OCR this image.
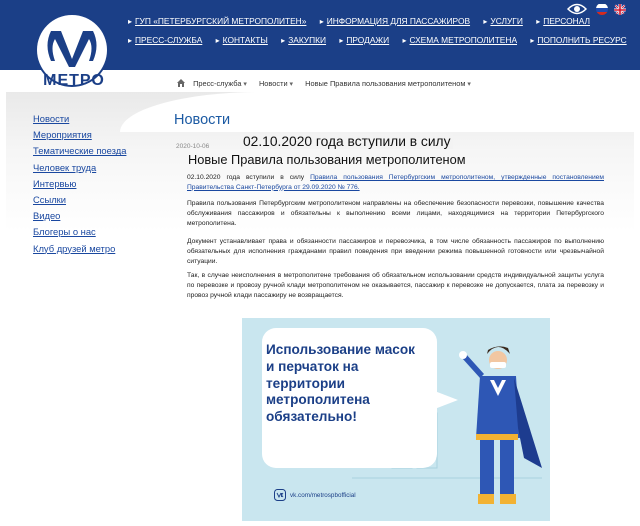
МЕТРО
▸ ГУП «ПЕТЕРБУРГСКИЙ МЕТРОПОЛИТЕН» ▸ ИНФОРМАЦИЯ ДЛЯ ПАССАЖИРОВ ▸ УСЛУГИ ▸ ПЕРСОНАЛ
▸ ПРЕСС-СЛУЖБА ▸ КОНТАКТЫ ▸ ЗАКУПКИ ▸ ПРОДАЖИ ▸ СХЕМА МЕТРОПОЛИТЕНА ▸ ПОПОЛНИТЬ РЕСУРС
Пресс-служба ▾ Новости ▾ Новые Правила пользования метрополитеном ▾
Новости
Мероприятия
Тематические поезда
Человек труда
Интервью
Ссылки
Видео
Блогеры о нас
Клуб друзей метро
Новости
2020-10-06 02.10.2020 года вступили в силу
Новые Правила пользования метрополитеном

02.10.2020 года вступили в силу Правила пользования Петербургским метрополитеном, утвержденные постановлением Правительства Санкт-Петербурга от 29.09.2020 № 776.

Правила пользования Петербургским метрополитеном направлены на обеспечение безопасности перевозки, повышение качества обслуживания пассажиров и обязательны к выполнению всеми лицами, находящимися на территории Петербургского метрополитена.

Документ устанавливает права и обязанности пассажиров и перевозчика, в том числе обязанность пассажиров по выполнению обязательных для исполнения гражданами правил поведения при введении режима повышенной готовности или чрезвычайной ситуации.

Так, в случае неисполнения в метрополитене требования об обязательном использовании средств индивидуальной защиты услуга по перевозке и провозу ручной клади метрополитеном не оказывается, пассажир к перевозке не допускается, плата за перевозку и провоз ручной клади пассажиру не возвращается.

Использование масок
и перчаток на
территории
метрополитена
обязательно!
vk.com/metrospbofficial
